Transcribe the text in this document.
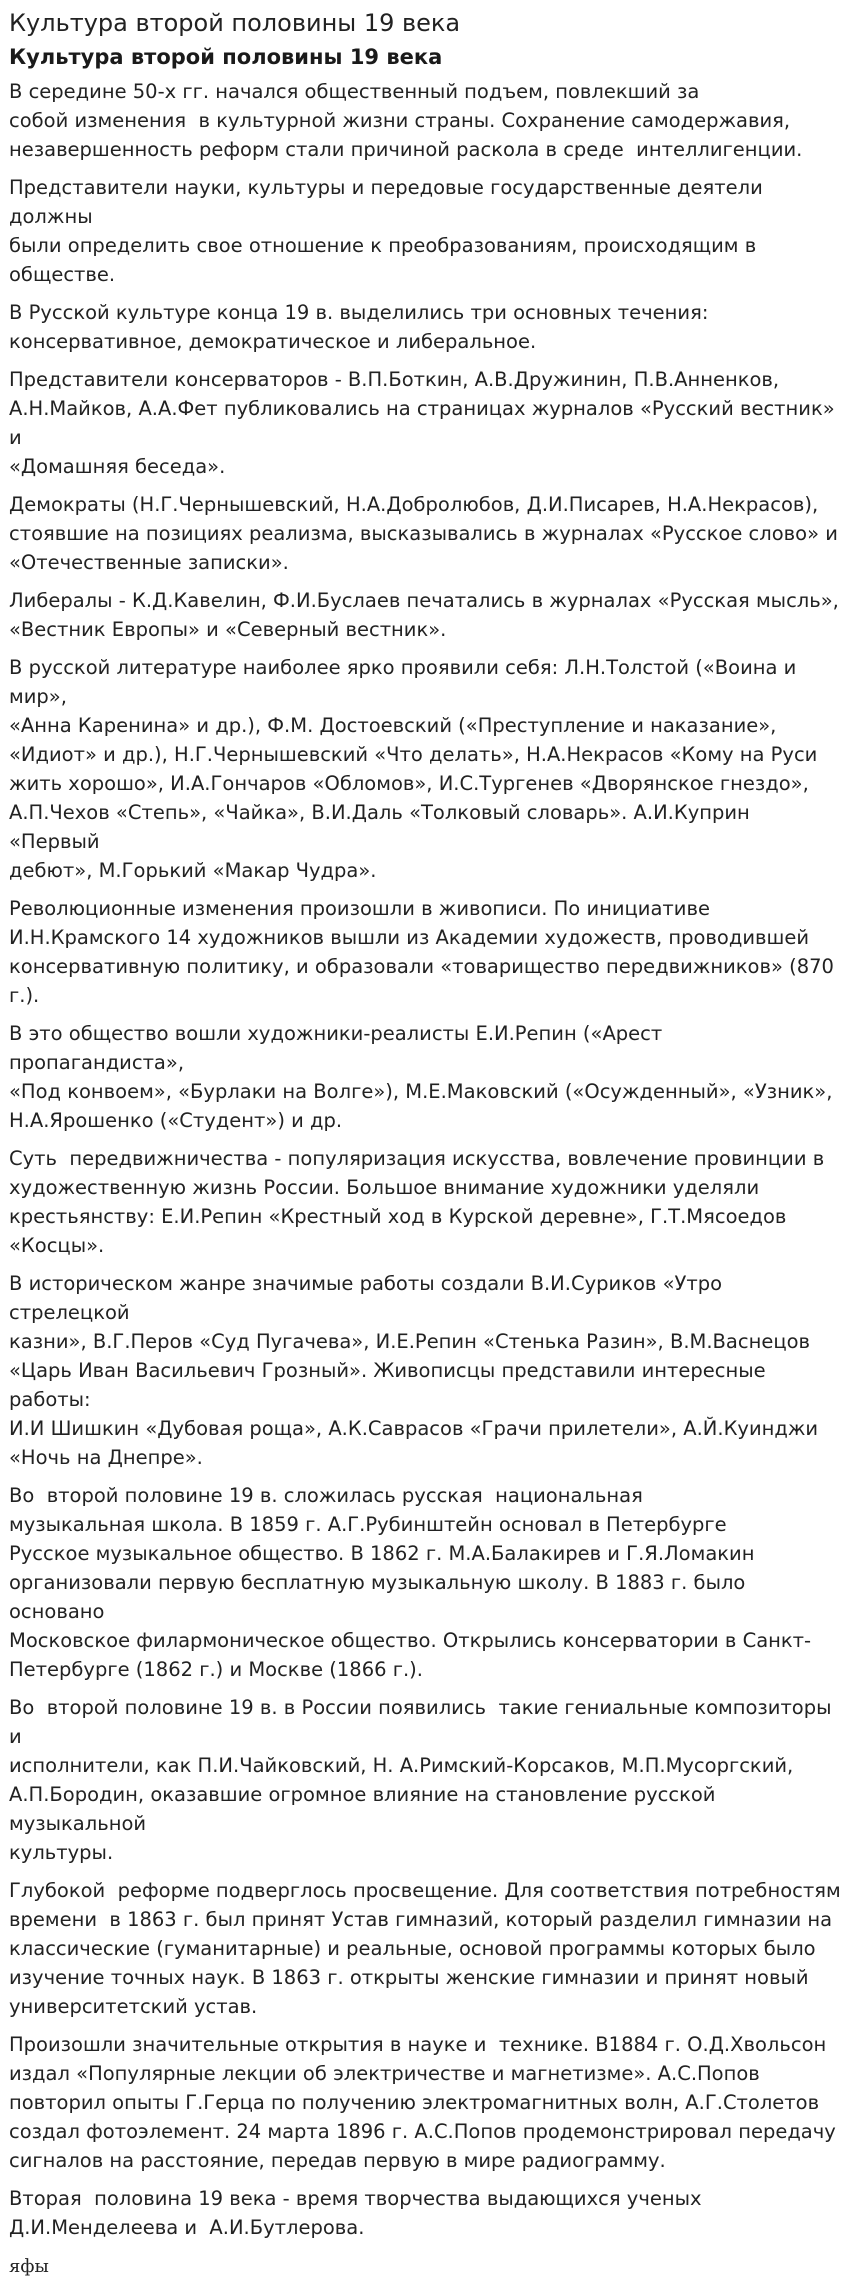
Культура второй половины 19 века
Культура второй половины 19 века
В середине 50-х гг. начался общественный подъем, повлекший за
собой изменения  в культурной жизни страны. Сохранение самодержавия,
незавершенность реформ стали причиной раскола в среде  интеллигенции.
Представители науки, культуры и передовые государственные деятели должны
были определить свое отношение к преобразованиям, происходящим в
обществе.
В Русской культуре конца 19 в. выделились три основных течения:
консервативное, демократическое и либеральное.
Представители консерваторов - В.П.Боткин, А.В.Дружинин, П.В.Анненков,
А.Н.Майков, А.А.Фет публиковались на страницах журналов «Русский вестник» и
«Домашняя беседа».
Демократы (Н.Г.Чернышевский, Н.А.Добролюбов, Д.И.Писарев, Н.А.Некрасов),
стоявшие на позициях реализма, высказывались в журналах «Русское слово» и
«Отечественные записки».
Либералы - К.Д.Кавелин, Ф.И.Буслаев печатались в журналах «Русская мысль»,
«Вестник Европы» и «Северный вестник».
В русской литературе наиболее ярко проявили себя: Л.Н.Толстой («Воина и мир»,
«Анна Каренина» и др.), Ф.М. Достоевский («Преступление и наказание»,
«Идиот» и др.), Н.Г.Чернышевский «Что делать», Н.А.Некрасов «Кому на Руси
жить хорошо», И.А.Гончаров «Обломов», И.С.Тургенев «Дворянское гнездо»,
А.П.Чехов «Степь», «Чайка», В.И.Даль «Толковый словарь». А.И.Куприн «Первый
дебют», М.Горький «Макар Чудра».
Революционные изменения произошли в живописи. По инициативе
И.Н.Крамского 14 художников вышли из Академии художеств, проводившей
консервативную политику, и образовали «товарищество передвижников» (870
г.).
В это общество вошли художники-реалисты Е.И.Репин («Арест пропагандиста»,
«Под конвоем», «Бурлаки на Волге»), М.Е.Маковский («Осужденный», «Узник»,
Н.А.Ярошенко («Студент») и др.
Суть  передвижничества - популяризация искусства, вовлечение провинции в
художественную жизнь России. Большое внимание художники уделяли
крестьянству: Е.И.Репин «Крестный ход в Курской деревне», Г.Т.Мясоедов
«Косцы».
В историческом жанре значимые работы создали В.И.Суриков «Утро стрелецкой
казни», В.Г.Перов «Суд Пугачева», И.Е.Репин «Стенька Разин», В.М.Васнецов
«Царь Иван Васильевич Грозный». Живописцы представили интересные работы:
И.И Шишкин «Дубовая роща», А.К.Саврасов «Грачи прилетели», А.Й.Куинджи
«Ночь на Днепре».
Во  второй половине 19 в. сложилась русская  национальная
музыкальная школа. В 1859 г. А.Г.Рубинштейн основал в Петербурге
Русское музыкальное общество. В 1862 г. М.А.Балакирев и Г.Я.Ломакин
организовали первую бесплатную музыкальную школу. В 1883 г. было основано
Московское филармоническое общество. Открылись консерватории в Санкт-
Петербурге (1862 г.) и Москве (1866 г.).
Во  второй половине 19 в. в России появились  такие гениальные композиторы и
исполнители, как П.И.Чайковский, Н. А.Римский-Корсаков, М.П.Мусоргский,
А.П.Бородин, оказавшие огромное влияние на становление русской музыкальной
культуры.
Глубокой  реформе подверглось просвещение. Для соответствия потребностям
времени  в 1863 г. был принят Устав гимназий, который разделил гимназии на
классические (гуманитарные) и реальные, основой программы которых было
изучение точных наук. В 1863 г. открыты женские гимназии и принят новый
университетский устав.
Произошли значительные открытия в науке и  технике. В1884 г. О.Д.Хвольсон
издал «Популярные лекции об электричестве и магнетизме». А.С.Попов
повторил опыты Г.Герца по получению электромагнитных волн, А.Г.Столетов
создал фотоэлемент. 24 марта 1896 г. А.С.Попов продемонстрировал передачу
сигналов на расстояние, передав первую в мире радиограмму.
Вторая  половина 19 века - время творчества выдающихся ученых
Д.И.Менделеева и  А.И.Бутлерова.
яфы
